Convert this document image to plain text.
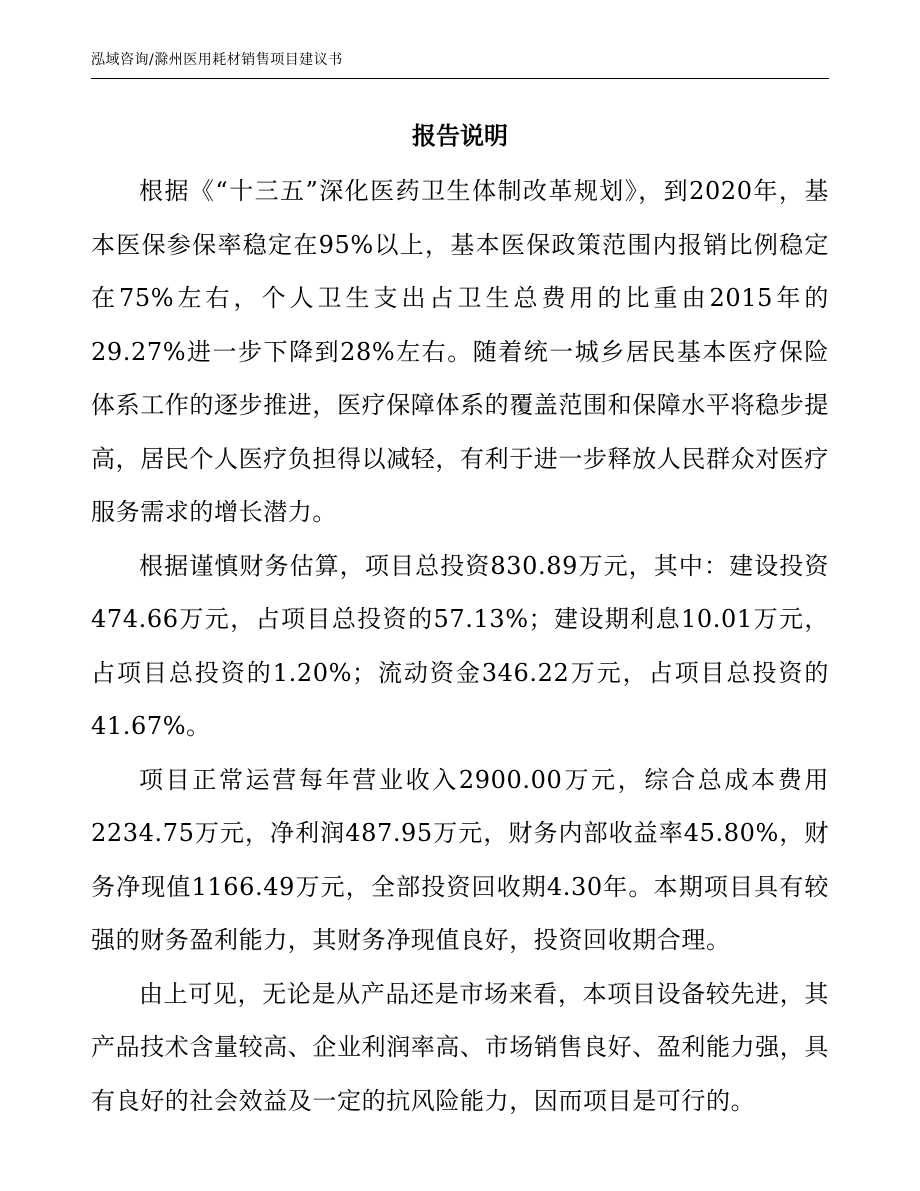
泓域咨询/滁州医用耗材销售项目建议书
报告说明

根据《“十三五”深化医药卫生体制改革规划》，到2020年，基本医保参保率稳定在95%以上，基本医保政策范围内报销比例稳定在75%左右，个人卫生支出占卫生总费用的比重由2015年的29.27%进一步下降到28%左右。随着统一城乡居民基本医疗保险体系工作的逐步推进，医疗保障体系的覆盖范围和保障水平将稳步提高，居民个人医疗负担得以减轻，有利于进一步释放人民群众对医疗服务需求的增长潜力。

根据谨慎财务估算，项目总投资830.89万元，其中：建设投资474.66万元，占项目总投资的57.13%；建设期利息10.01万元，占项目总投资的1.20%；流动资金346.22万元，占项目总投资的41.67%。

项目正常运营每年营业收入2900.00万元，综合总成本费用2234.75万元，净利润487.95万元，财务内部收益率45.80%，财务净现值1166.49万元，全部投资回收期4.30年。本期项目具有较强的财务盈利能力，其财务净现值良好，投资回收期合理。

由上可见，无论是从产品还是市场来看，本项目设备较先进，其产品技术含量较高、企业利润率高、市场销售良好、盈利能力强，具有良好的社会效益及一定的抗风险能力，因而项目是可行的。
